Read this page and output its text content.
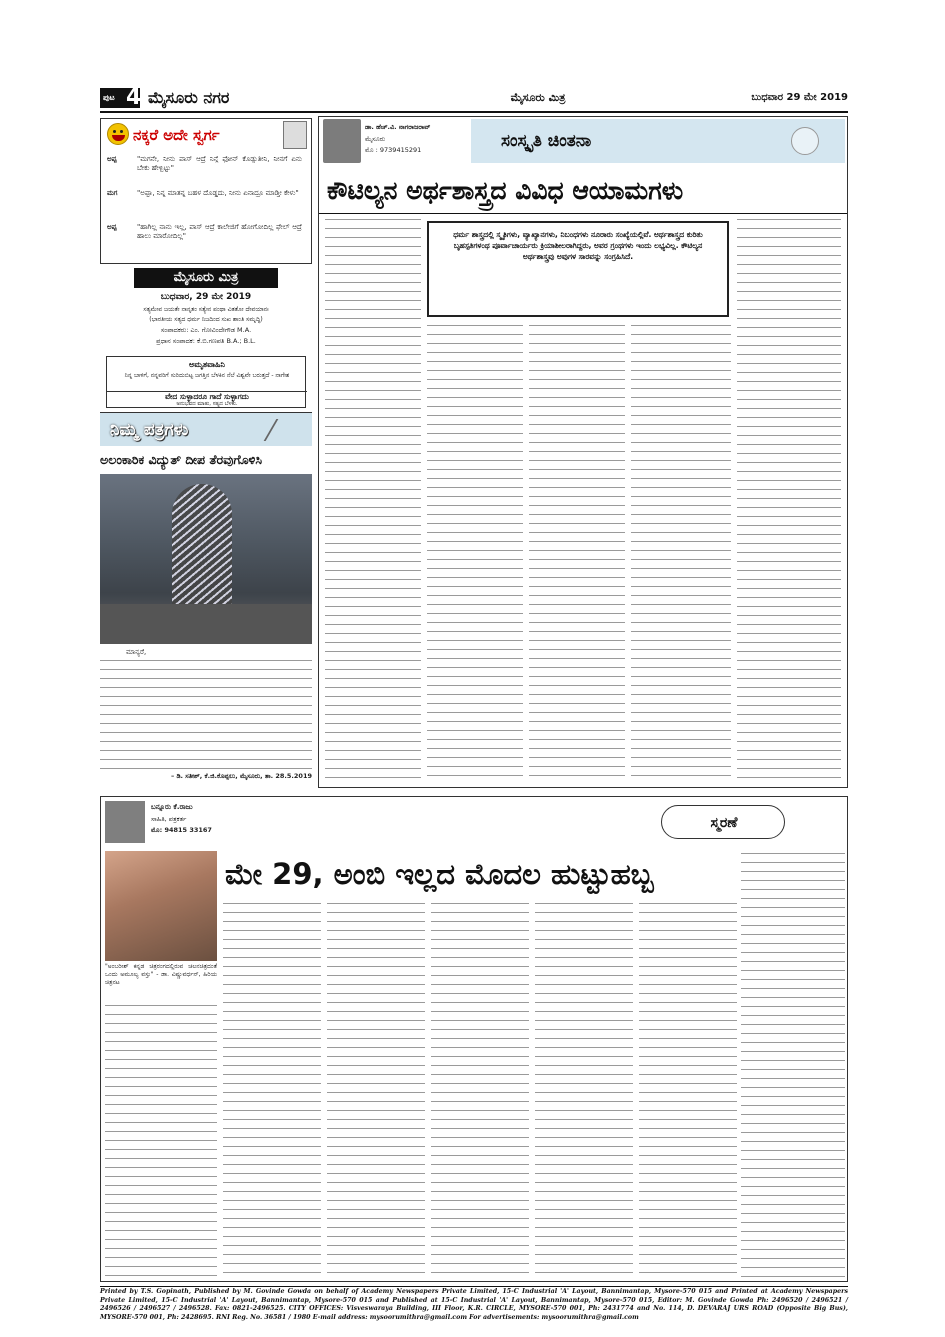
ಪುಟ 4 ಮೈಸೂರು ನಗರ	ಮೈಸೂರು ಮಿತ್ರ	ಬುಧವಾರ 29 ಮೇ 2019
ನಕ್ಕರೆ ಅದೇ ಸ್ವರ್ಗ
ಅಪ್ಪ	"ಮಗನೇ, ನೀನು ಪಾಸ್ ಆದ್ರೆ ನಿನ್ಗೆ ಫೋನ್ ಕೊಡ್ಸುತೀನಿ, ನೀನಗೆ ಏನು ಬೇಕು ಹೇಳ್ಬಿಟ್ಟು"
ಮಗ	"ಅಪ್ಪಾ, ನಿನ್ನ ಮಾತನ್ನ ಬಹಳ ದೊಡ್ಡದು, ನೀನು ಏನಾದ್ರೂ ಮಾಡ್ತೀ ಕೇಳು"
ಅಪ್ಪ	"ಹಾಗಿಲ್ಲ ನಾನು ಇಲ್ಲ, ಪಾಸ್ ಆದ್ರೆ ಕಾಲೇಜಿಗೆ ಹೋಗೋದಿಲ್ಲ ಫೇಲ್ ಆದ್ರೆ ಹಾಲು ಮಾರೋದಿಲ್ಲ"
ಮೈಸೂರು ಮಿತ್ರ
ಬುಧವಾರ, 29 ಮೇ 2019
ಸತ್ಯಮೇವ ಜಯತೇ ನಾನೃತಂ ಸತ್ಯೇನ ಪಂಥಾ ವಿತತೋ ದೇವಯಾನಃ
(ಭಾರತೀಯ ಸತ್ಯದ ಧರ್ಮ ನಿಜದಿಂದ ಸುಖ ಶಾಂತಿ ಸಮೃದ್ಧಿ)
ಸಂಪಾದಕರು: ಎಂ. ಗೋವಿಂದೇಗೌಡ M.A.
ಪ್ರಧಾನ ಸಂಪಾದಕ: ಕೆ.ಬಿ.ಗಣಪತಿ B.A.; B.L.
ಅಮೃತವಾಹಿನಿ
ನಿನ್ನ ಬಾಳಿಗೆ, ನನ್ನವರಿಗೆ ಸುರಿದುಬಿಟ್ಟ ಜಗತ್ತಿನ ಬೆಳಕಿನ ನೆಲೆ ವಿಶ್ವವೇ ಬರುತ್ತದೆ - ನಾಗೇಶ
ವೇದ ಸುಳ್ಳಾದರೂ ಗಾದೆ ಸುಳ್ಳಾಗದು
ಅನುಭವದ ಮಾತು, ಸತ್ಯದ ಬೆಳಕು.
ನಿಮ್ಮ ಪತ್ರಗಳು
ಅಲಂಕಾರಿಕ ವಿದ್ಯುತ್ ದೀಪ ತೆರವುಗೊಳಿಸಿ
ಮಾನ್ಯರೆ,
– ಡಿ. ಸತೀಶ್, ಕೆ.ಜಿ.ಕೊಪ್ಪಲು, ಮೈಸೂರು, ತಾ. 28.5.2019
ಡಾ. ಹೆಚ್.ವಿ. ನಾಗರಾಜರಾವ್
ಮೈಸೂರು
ಮೊ : 9739415291	ಸಂಸ್ಕೃತಿ ಚಿಂತನಾ
ಕೌಟಿಲ್ಯನ ಅರ್ಥಶಾಸ್ತ್ರದ ವಿವಿಧ ಆಯಾಮಗಳು
ಧರ್ಮ ಶಾಸ್ತ್ರದಲ್ಲಿ ಸ್ಮೃತಿಗಳು, ವ್ಯಾಖ್ಯಾನಗಳು, ನಿಬಂಧಗಳು ನೂರಾರು ಸಂಖ್ಯೆಯಲ್ಲಿವೆ. ಅರ್ಥಶಾಸ್ತ್ರದ ಕುರಿತು ಬೃಹಸ್ಪತಿಗಳಂಥ ಪೂರ್ವಾಚಾರ್ಯರು ಕ್ರಿಯಾಶೀಲರಾಗಿದ್ದರು, ಅವರ ಗ್ರಂಥಗಳು ಇಂದು ಲಭ್ಯವಿಲ್ಲ. ಕೌಟಿಲ್ಯನ ಅರ್ಥಶಾಸ್ತ್ರವು ಅವುಗಳ ಸಾರವನ್ನು ಸಂಗ್ರಹಿಸಿದೆ.
ಬನ್ನೂರು ಕೆ.ರಾಜು
ಸಾಹಿತಿ, ಪತ್ರಕರ್ತ
ಮೊ: 94815 33167	ಸ್ಮರಣೆ
ಮೇ 29, ಅಂಬಿ ಇಲ್ಲದ ಮೊದಲ ಹುಟ್ಟುಹಬ್ಬ
"ಅಂಬರೀಶ್ ಕನ್ನಡ ಚಿತ್ರರಂಗದಲ್ಲಿರುವ ಚಲನಚಿತ್ರದಂತೆ ಒಂದು ಅಮೂಲ್ಯ ವಸ್ತು" - ಡಾ. ವಿಷ್ಣುವರ್ಧನ್, ಹಿರಿಯ ಚಿತ್ರನಟ
Printed by T.S. Gopinath, Published by M. Govinde Gowda on behalf of Academy Newspapers Private Limited, 15-C Industrial 'A' Layout, Bannimantap, Mysore-570 015 and Printed at Academy Newspapers Private Limited, 15-C Industrial 'A' Layout, Bannimantap, Mysore-570 015 and Published at 15-C Industrial 'A' Layout, Bannimantap, Mysore-570 015, Editor: M. Govinde Gowda Ph: 2496520 / 2496521 / 2496526 / 2496527 / 2496528. Fax: 0821-2496525. CITY OFFICES: Visveswaraya Building, III Floor, K.R. CIRCLE, MYSORE-570 001, Ph: 2431774 and No. 114, D. DEVARAJ URS ROAD (Opposite Big Bus), MYSORE-570 001, Ph: 2428695. RNI Reg. No. 36581 / 1980 E-mail address: mysoorumithra@gmail.com For advertisements: mysoorumithra@gmail.com
